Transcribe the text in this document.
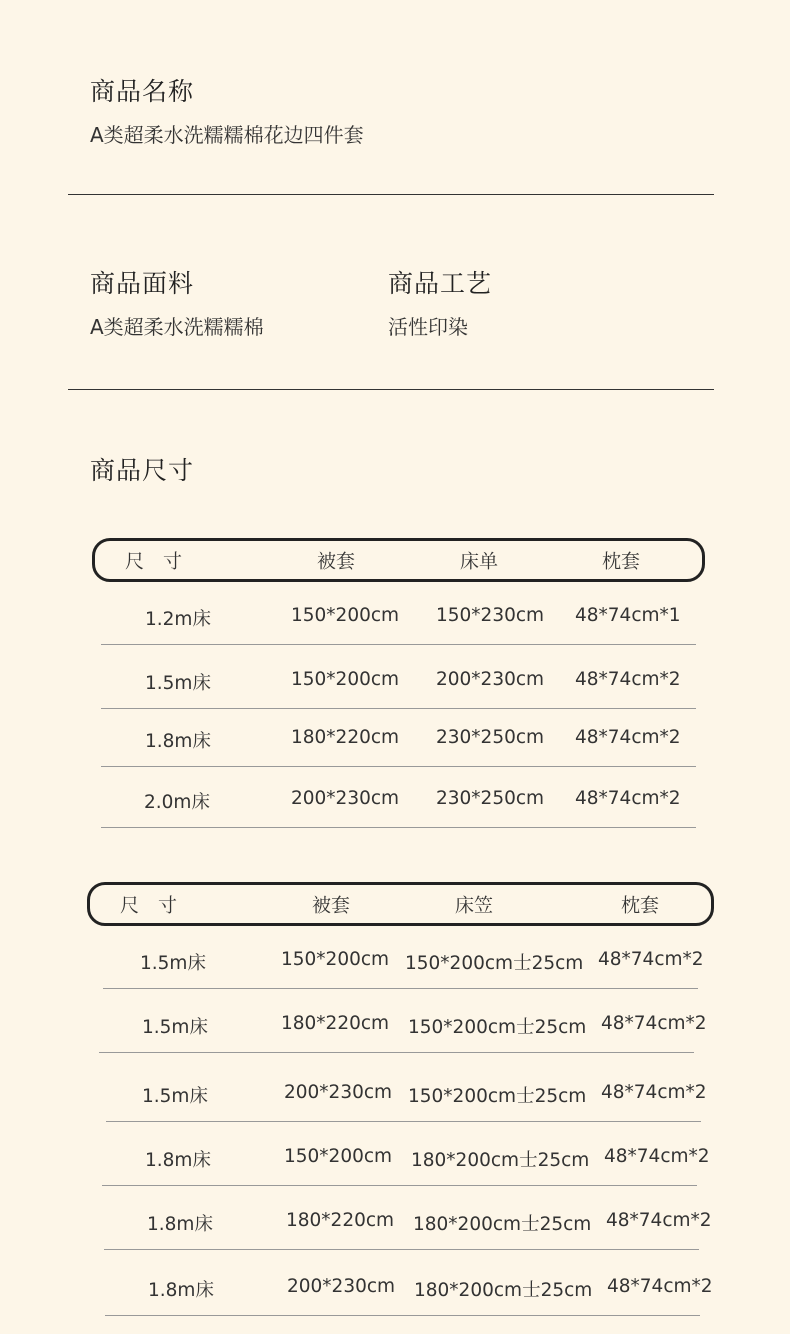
商品名称
A类超柔水洗糯糯棉花边四件套
商品面料
A类超柔水洗糯糯棉
商品工艺
活性印染
商品尺寸
尺　寸	被套	床单	枕套
1.2m床	150*200cm 150*230cm 48*74cm*1
1.5m床	150*200cm 200*230cm 48*74cm*2
1.8m床	180*220cm 230*250cm 48*74cm*2
2.0m床	200*230cm 230*250cm 48*74cm*2
尺　寸	被套	床笠	枕套
1.5m床	150*200cm 150*200cm士25cm 48*74cm*2
1.5m床	180*220cm 150*200cm士25cm 48*74cm*2
1.5m床	200*230cm 150*200cm士25cm 48*74cm*2
1.8m床	150*200cm 180*200cm士25cm 48*74cm*2
1.8m床	180*220cm 180*200cm士25cm 48*74cm*2
1.8m床	200*230cm 180*200cm士25cm 48*74cm*2
